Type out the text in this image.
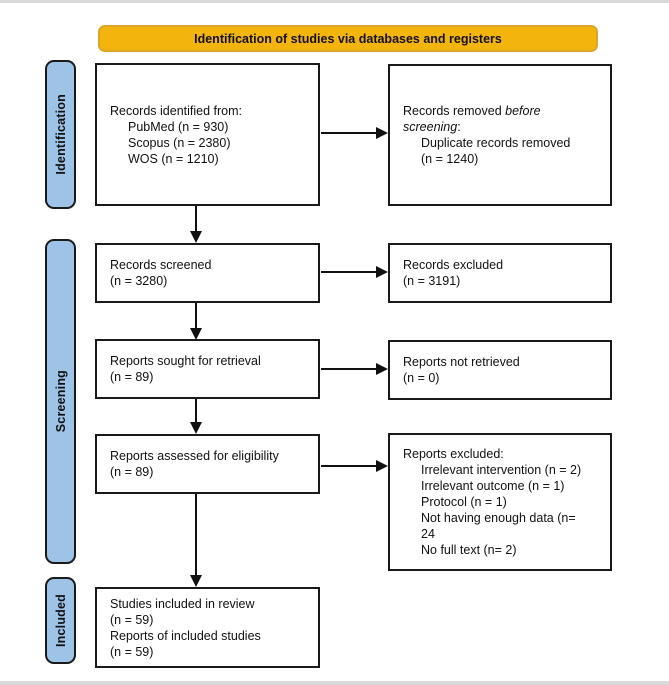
Identification of studies via databases and registers
Identification
Screening
Included
Records identified from:
PubMed (n = 930)
Scopus (n = 2380)
WOS (n = 1210)
Records removed before
screening:
Duplicate records removed
(n = 1240)
Records screened
(n = 3280)
Records excluded
(n = 3191)
Reports sought for retrieval
(n = 89)
Reports not retrieved
(n = 0)
Reports assessed for eligibility
(n = 89)
Reports excluded:
Irrelevant intervention (n = 2)
Irrelevant outcome (n = 1)
Protocol (n = 1)
Not having enough data (n=
24
No full text (n= 2)
Studies included in review
(n = 59)
Reports of included studies
(n = 59)
